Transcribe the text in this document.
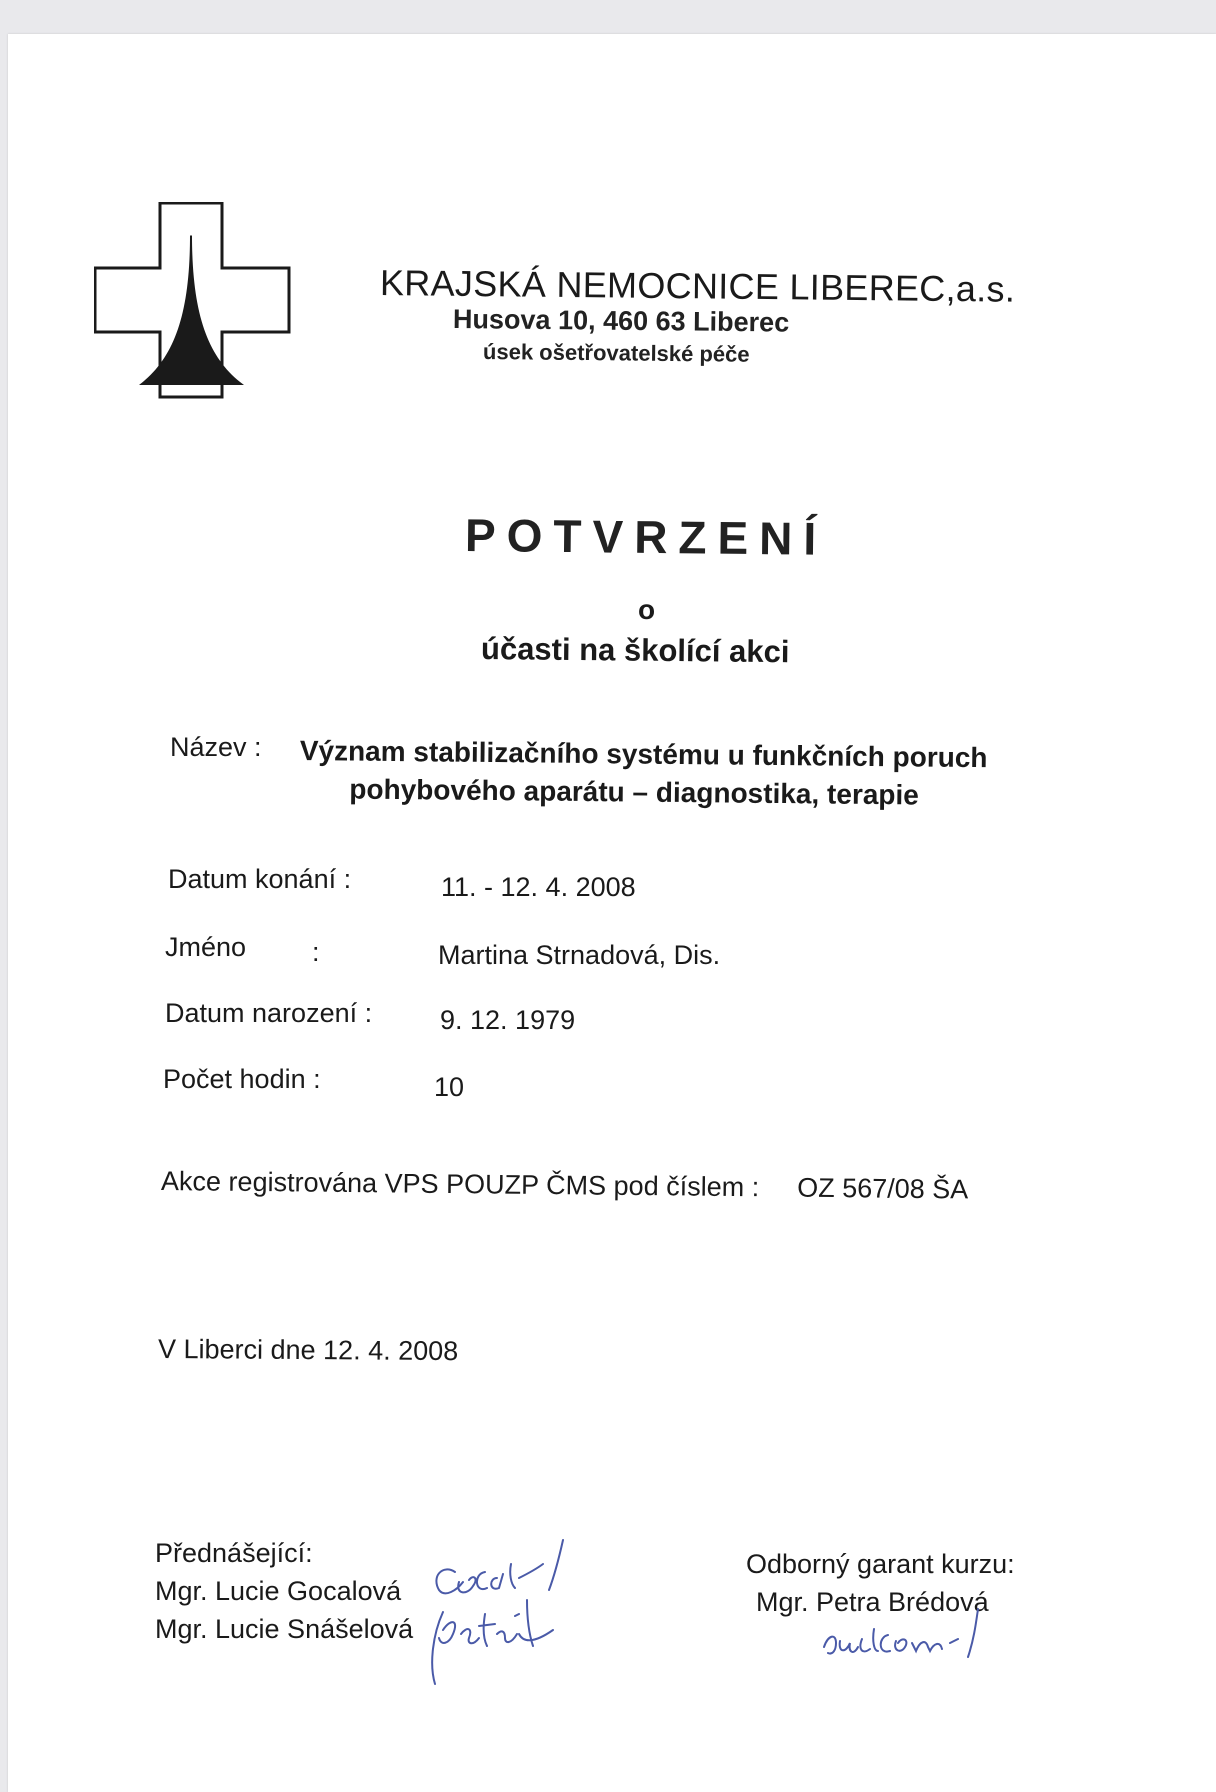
KRAJSKÁ NEMOCNICE LIBEREC,a.s.
Husova 10, 460 63 Liberec
úsek ošetřovatelské péče
POTVRZENÍ
o
účasti na školící akci
Název : Význam stabilizačního systému u funkčních poruch
pohybového aparátu – diagnostika, terapie
Datum konání :	11. - 12. 4. 2008
Jméno :	Martina Strnadová, Dis.
Datum narození :	9. 12. 1979
Počet hodin :	10
Akce registrována VPS POUZP ČMS pod číslem : OZ 567/08 ŠA
V Liberci dne 12. 4. 2008
Přednášející:
Mgr. Lucie Gocalová
Mgr. Lucie Snášelová
Odborný garant kurzu:
Mgr. Petra Brédová
